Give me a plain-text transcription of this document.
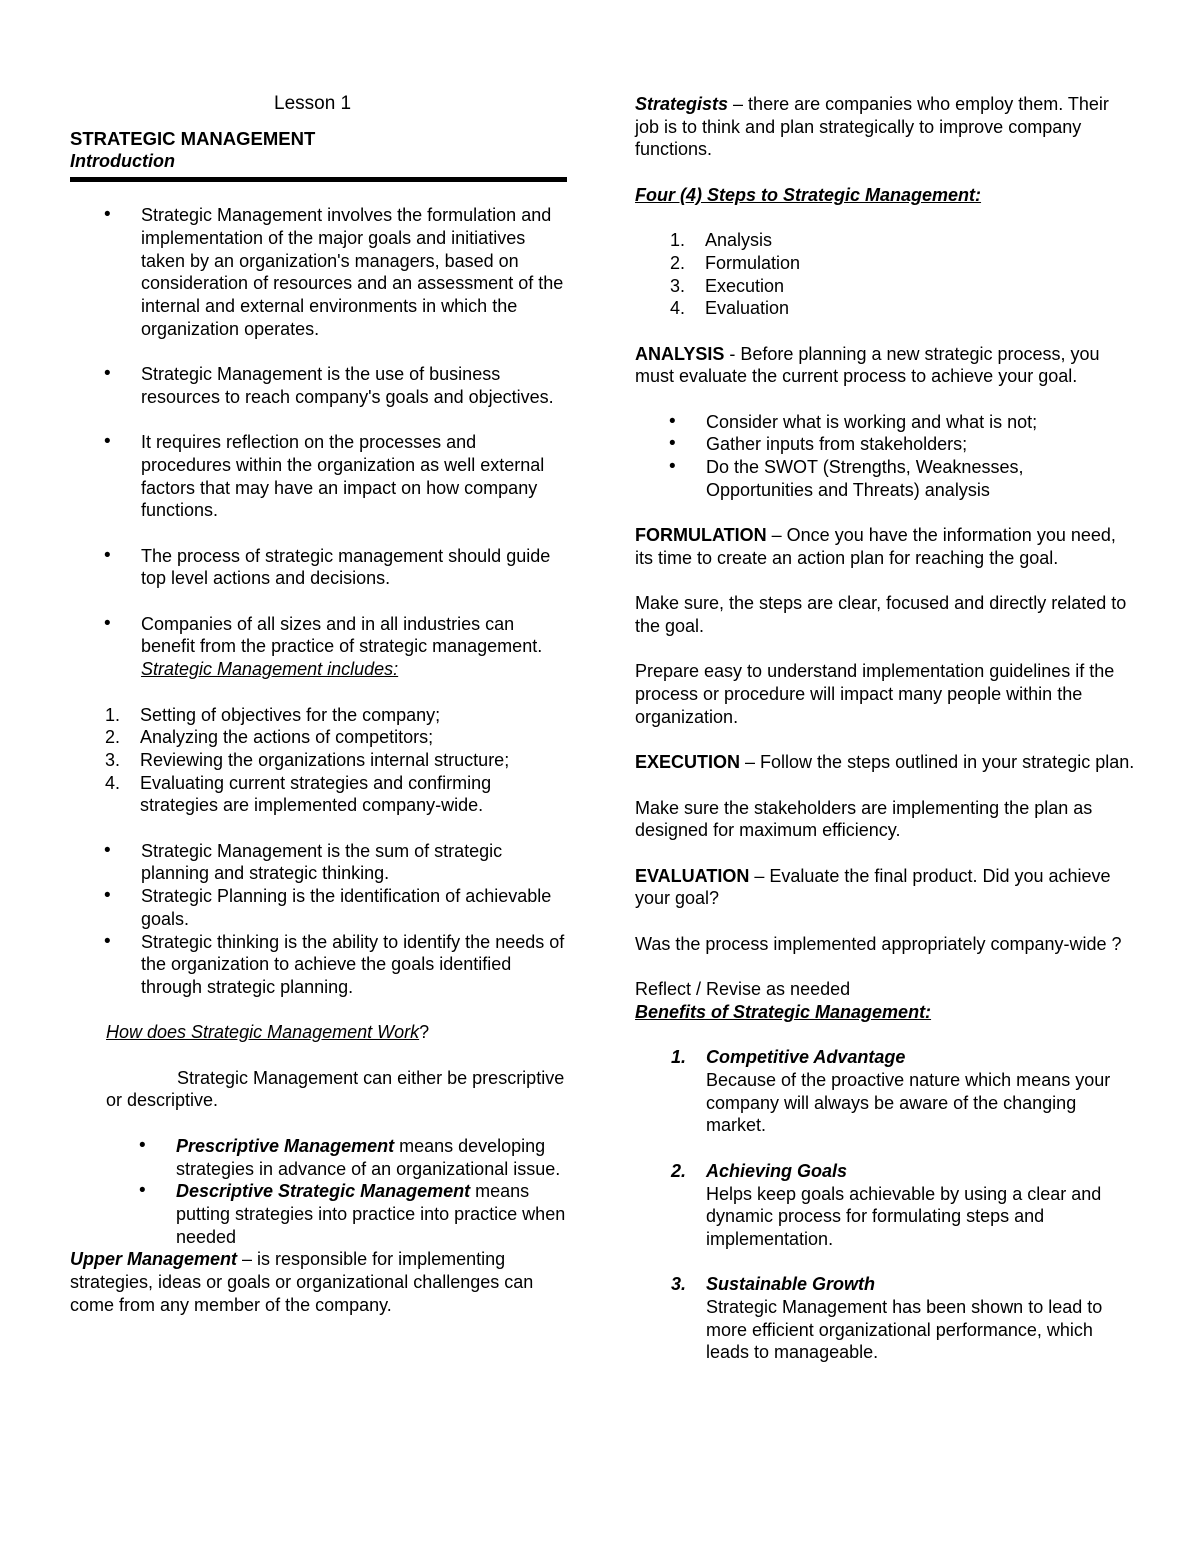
Lesson 1
STRATEGIC MANAGEMENT
Introduction
• Strategic Management involves the formulation and implementation of the major goals and initiatives taken by an organization's managers, based on consideration of resources and an assessment of the internal and external environments in which the organization operates.
• Strategic Management is the use of business resources to reach company's goals and objectives.
• It requires reflection on the processes and procedures within the organization as well external factors that may have an impact on how company functions.
• The process of strategic management should guide top level actions and decisions.
• Companies of all sizes and in all industries can benefit from the practice of strategic management.
Strategic Management includes:
1. Setting of objectives for the company;
2. Analyzing the actions of competitors;
3. Reviewing the organizations internal structure;
4. Evaluating current strategies and confirming strategies are implemented company-wide.
• Strategic Management is the sum of strategic planning and strategic thinking.
• Strategic Planning is the identification of achievable goals.
• Strategic thinking is the ability to identify the needs of the organization to achieve the goals identified through strategic planning.
How does Strategic Management Work?
Strategic Management can either be prescriptive or descriptive.
• Prescriptive Management means developing strategies in advance of an organizational issue.
• Descriptive Strategic Management means putting strategies into practice into practice when needed
Upper Management – is responsible for implementing strategies, ideas or goals or organizational challenges can come from any member of the company.
Strategists – there are companies who employ them. Their job is to think and plan strategically to improve company functions.
Four (4) Steps to Strategic Management:
1. Analysis
2. Formulation
3. Execution
4. Evaluation
ANALYSIS - Before planning a new strategic process, you must evaluate the current process to achieve your goal.
• Consider what is working and what is not;
• Gather inputs from stakeholders;
• Do the SWOT (Strengths, Weaknesses, Opportunities and Threats) analysis
FORMULATION – Once you have the information you need, its time to create an action plan for reaching the goal.
Make sure, the steps are clear, focused and directly related to the goal.
Prepare easy to understand implementation guidelines if the process or procedure will impact many people within the organization.
EXECUTION – Follow the steps outlined in your strategic plan.
Make sure the stakeholders are implementing the plan as designed for maximum efficiency.
EVALUATION – Evaluate the final product. Did you achieve your goal?
Was the process implemented appropriately company-wide ?
Reflect / Revise as needed
Benefits of Strategic Management:
1. Competitive Advantage
Because of the proactive nature which means your company will always be aware of the changing market.
2. Achieving Goals
Helps keep goals achievable by using a clear and dynamic process for formulating steps and implementation.
3. Sustainable Growth
Strategic Management has been shown to lead to more efficient organizational performance, which leads to manageable.
